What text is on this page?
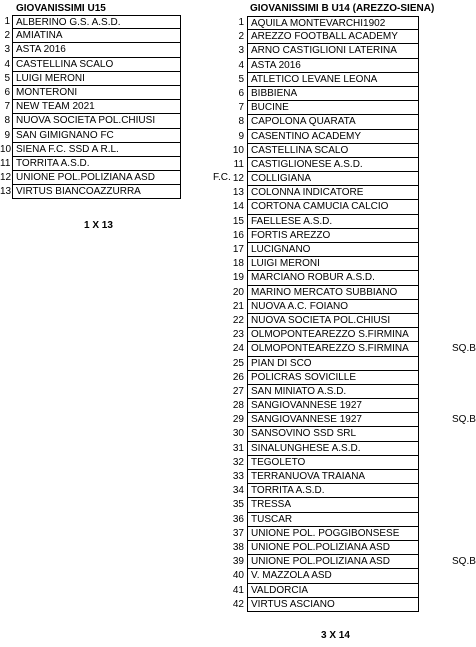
GIOVANISSIMI U15
1 ALBERINO G.S. A.S.D.
2 AMIATINA
3 ASTA 2016
4 CASTELLINA SCALO
5 LUIGI MERONI
6 MONTERONI
7 NEW TEAM 2021
8 NUOVA SOCIETA POL.CHIUSI
9 SAN GIMIGNANO FC
10 SIENA F.C. SSD A R.L.
11 TORRITA A.S.D.
12 UNIONE POL.POLIZIANA ASD	F.C.
13 VIRTUS BIANCOAZZURRA
1 X 13
GIOVANISSIMI B U14 (AREZZO-SIENA)
1 AQUILA MONTEVARCHI1902
2 AREZZO FOOTBALL ACADEMY
3 ARNO CASTIGLIONI LATERINA
4 ASTA 2016
5 ATLETICO LEVANE LEONA
6 BIBBIENA
7 BUCINE
8 CAPOLONA QUARATA
9 CASENTINO ACADEMY
10 CASTELLINA SCALO
11 CASTIGLIONESE A.S.D.
12 COLLIGIANA
13 COLONNA INDICATORE
14 CORTONA CAMUCIA CALCIO
15 FAELLESE A.S.D.
16 FORTIS AREZZO
17 LUCIGNANO
18 LUIGI MERONI
19 MARCIANO ROBUR A.S.D.
20 MARINO MERCATO SUBBIANO
21 NUOVA A.C. FOIANO
22 NUOVA SOCIETA POL.CHIUSI
23 OLMOPONTEAREZZO S.FIRMINA
24 OLMOPONTEAREZZO S.FIRMINA	SQ.B
25 PIAN DI SCO
26 POLICRAS SOVICILLE
27 SAN MINIATO A.S.D.
28 SANGIOVANNESE 1927
29 SANGIOVANNESE 1927	SQ.B
30 SANSOVINO SSD SRL
31 SINALUNGHESE A.S.D.
32 TEGOLETO
33 TERRANUOVA TRAIANA
34 TORRITA A.S.D.
35 TRESSA
36 TUSCAR
37 UNIONE POL. POGGIBONSESE
38 UNIONE POL.POLIZIANA ASD
39 UNIONE POL.POLIZIANA ASD	SQ.B
40 V. MAZZOLA ASD
41 VALDORCIA
42 VIRTUS ASCIANO
3 X 14
